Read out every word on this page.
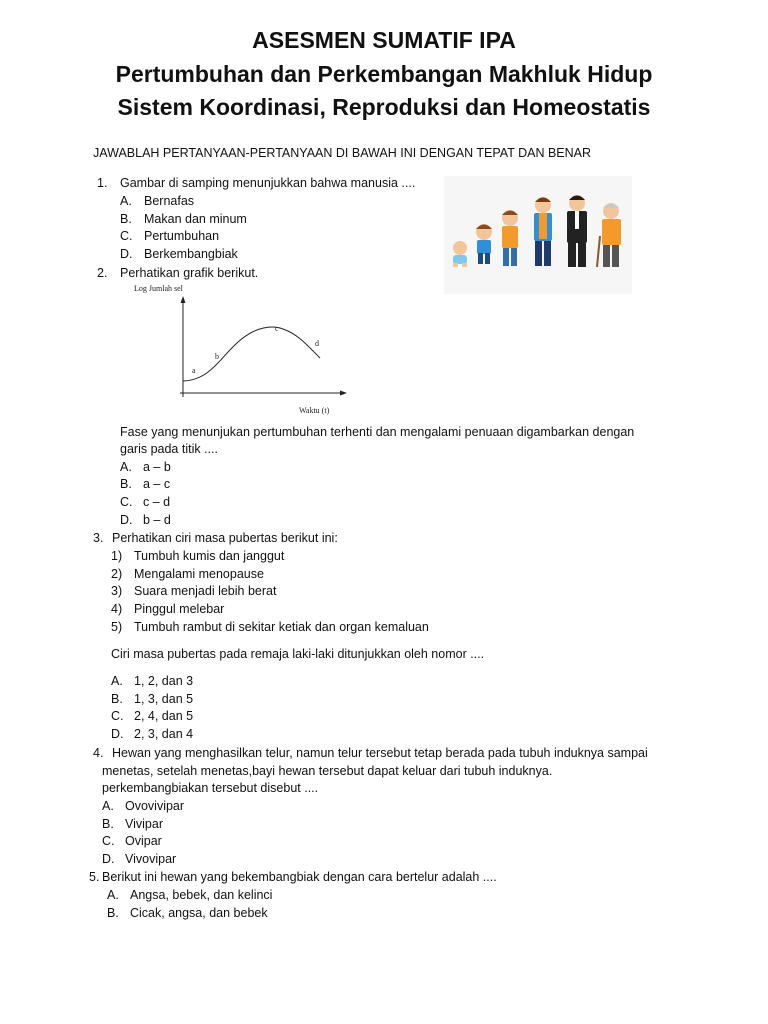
ASESMEN SUMATIF IPA
Pertumbuhan dan Perkembangan Makhluk Hidup
Sistem Koordinasi, Reproduksi dan Homeostatis
JAWABLAH PERTANYAAN-PERTANYAAN DI BAWAH INI DENGAN TEPAT DAN BENAR
1. Gambar di samping menunjukkan bahwa manusia ....
A. Bernafas
B. Makan dan minum
C. Pertumbuhan
D. Berkembangbiak
2. Perhatikan grafik berikut.
Log Jumlah sel
a
b
c
d
Waktu (t)
Fase yang menunjukan pertumbuhan terhenti dan mengalami penuaan digambarkan dengan
garis pada titik ....
A. a – b
B. a – c
C. c – d
D. b – d
3. Perhatikan ciri masa pubertas berikut ini:
1) Tumbuh kumis dan janggut
2) Mengalami menopause
3) Suara menjadi lebih berat
4) Pinggul melebar
5) Tumbuh rambut di sekitar ketiak dan organ kemaluan
Ciri masa pubertas pada remaja laki-laki ditunjukkan oleh nomor ....
A. 1, 2, dan 3
B. 1, 3, dan 5
C. 2, 4, dan 5
D. 2, 3, dan 4
4. Hewan yang menghasilkan telur, namun telur tersebut tetap berada pada tubuh induknya sampai
menetas, setelah menetas,bayi hewan tersebut dapat keluar dari tubuh induknya.
perkembangbiakan tersebut disebut ....
A. Ovovivipar
B. Vivipar
C. Ovipar
D. Vivovipar
5. Berikut ini hewan yang bekembangbiak dengan cara bertelur adalah ....
A. Angsa, bebek, dan kelinci
B. Cicak, angsa, dan bebek
